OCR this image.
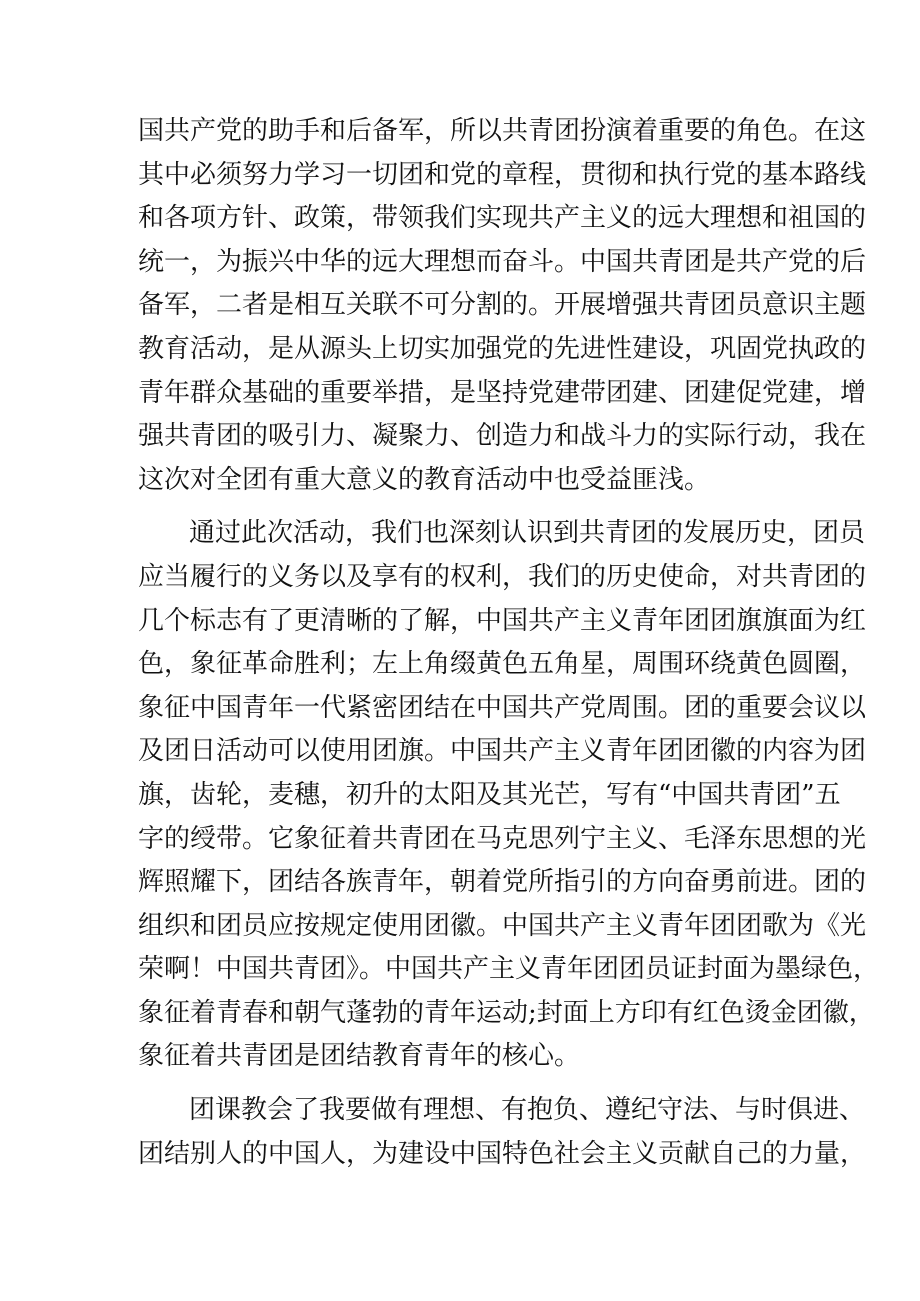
国共产党的助手和后备军，所以共青团扮演着重要的角色。在这
其中必须努力学习一切团和党的章程，贯彻和执行党的基本路线
和各项方针、政策，带领我们实现共产主义的远大理想和祖国的
统一，为振兴中华的远大理想而奋斗。中国共青团是共产党的后
备军，二者是相互关联不可分割的。开展增强共青团员意识主题
教育活动，是从源头上切实加强党的先进性建设，巩固党执政的
青年群众基础的重要举措，是坚持党建带团建、团建促党建，增
强共青团的吸引力、凝聚力、创造力和战斗力的实际行动，我在
这次对全团有重大意义的教育活动中也受益匪浅。
通过此次活动，我们也深刻认识到共青团的发展历史，团员
应当履行的义务以及享有的权利，我们的历史使命，对共青团的
几个标志有了更清晰的了解，中国共产主义青年团团旗旗面为红
色，象征革命胜利；左上角缀黄色五角星，周围环绕黄色圆圈，
象征中国青年一代紧密团结在中国共产党周围。团的重要会议以
及团日活动可以使用团旗。中国共产主义青年团团徽的内容为团
旗，齿轮，麦穗，初升的太阳及其光芒，写有“中国共青团”五
字的绶带。它象征着共青团在马克思列宁主义、毛泽东思想的光
辉照耀下，团结各族青年，朝着党所指引的方向奋勇前进。团的
组织和团员应按规定使用团徽。中国共产主义青年团团歌为《光
荣啊！中国共青团》。中国共产主义青年团团员证封面为墨绿色，
象征着青春和朝气蓬勃的青年运动;封面上方印有红色烫金团徽，
象征着共青团是团结教育青年的核心。
团课教会了我要做有理想、有抱负、遵纪守法、与时俱进、
团结别人的中国人，为建设中国特色社会主义贡献自己的力量，
